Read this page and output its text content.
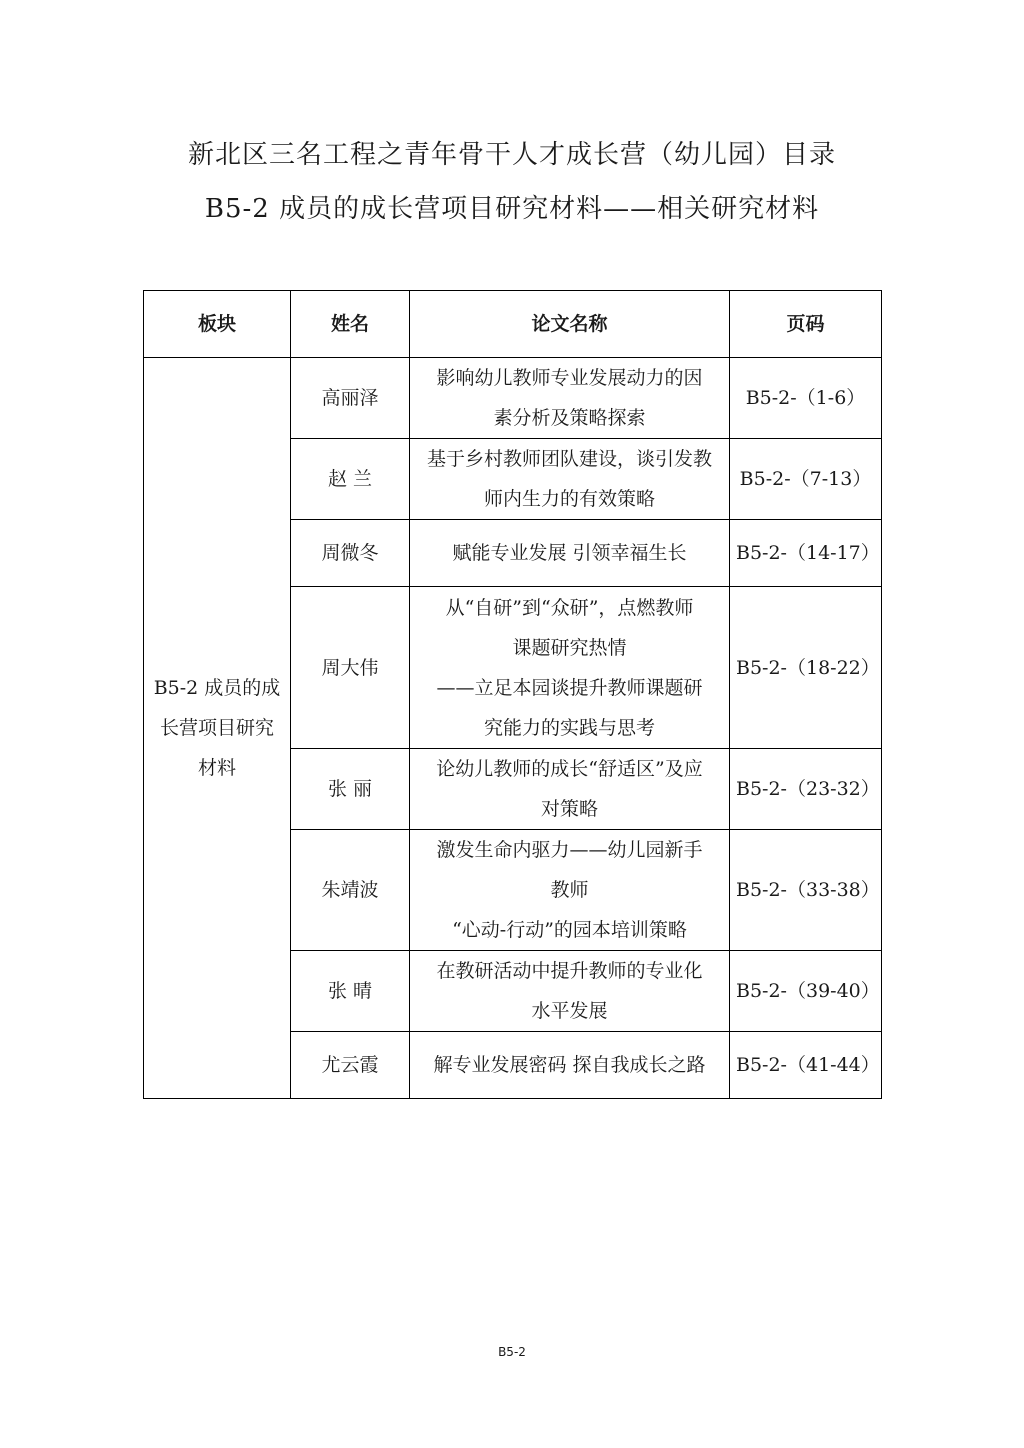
新北区三名工程之青年骨干人才成长营（幼儿园）目录
B5-2 成员的成长营项目研究材料——相关研究材料
板块	姓名	论文名称	页码

B5-2 成员的成
长营项目研究
材料	高丽泽	影响幼儿教师专业发展动力的因
素分析及策略探索	B5-2-（1-6）
	赵 兰	基于乡村教师团队建设，谈引发教
师内生力的有效策略	B5-2-（7-13）
	周微冬	赋能专业发展 引领幸福生长	B5-2-（14-17）
	周大伟	从“自研”到“众研”，点燃教师
课题研究热情
——立足本园谈提升教师课题研
究能力的实践与思考	B5-2-（18-22）
	张 丽	论幼儿教师的成长“舒适区”及应
对策略	B5-2-（23-32）
	朱靖波	激发生命内驱力——幼儿园新手
教师
“心动-行动”的园本培训策略	B5-2-（33-38）
	张 晴	在教研活动中提升教师的专业化
水平发展	B5-2-（39-40）
	尤云霞	解专业发展密码 探自我成长之路	B5-2-（41-44）
B5-2
